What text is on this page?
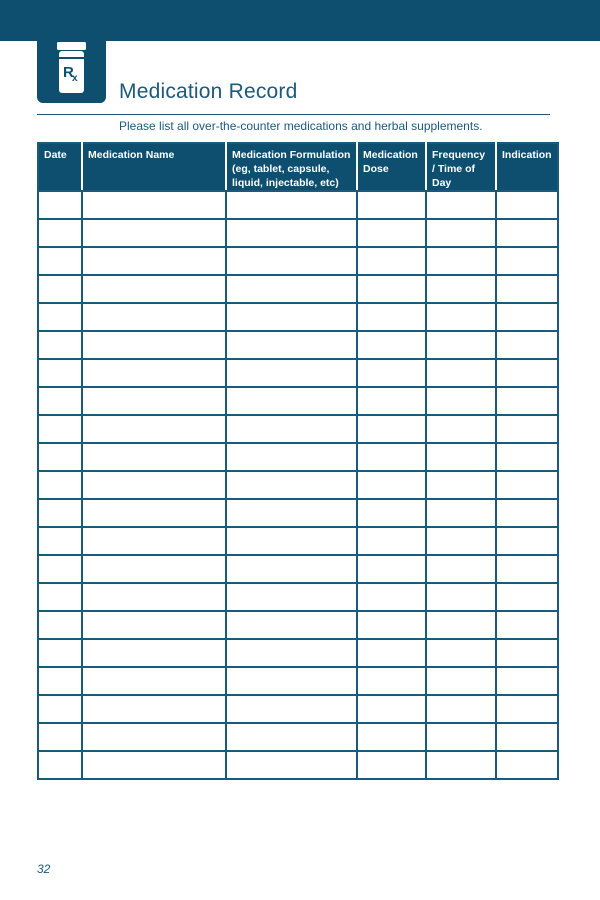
R
x
Medication Record
Please list all over-the-counter medications and herbal supplements.
Date	Medication Name	Medication Formulation (eg, tablet, capsule, liquid, injectable, etc)	Medication Dose	Frequency / Time of Day	Indication

32
